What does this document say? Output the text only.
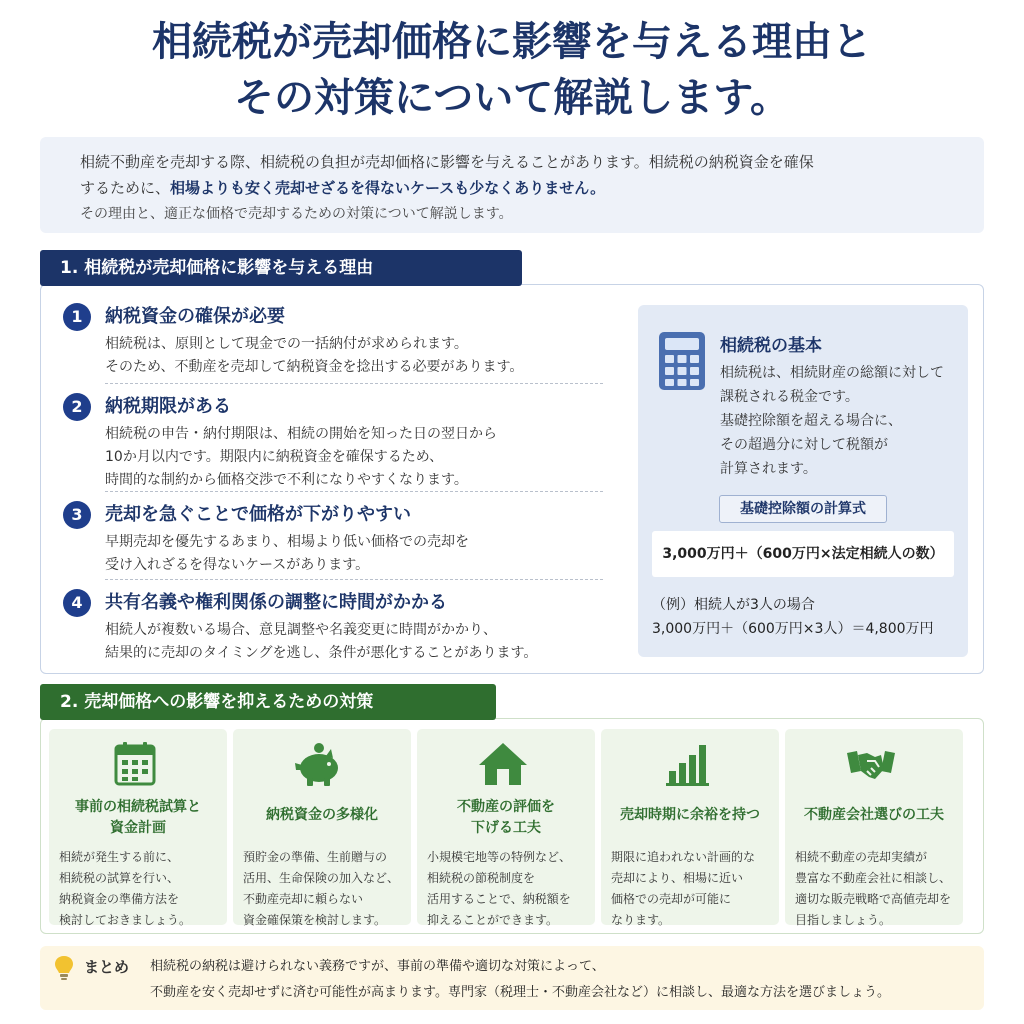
相続税が売却価格に影響を与える理由と
その対策について解説します。
相続不動産を売却する際、相続税の負担が売却価格に影響を与えることがあります。相続税の納税資金を確保
するために、相場よりも安く売却せざるを得ないケースも少なくありません。
その理由と、適正な価格で売却するための対策について解説します。
1	納税資金の確保が必要
相続税は、原則として現金での一括納付が求められます。
そのため、不動産を売却して納税資金を捻出する必要があります。
2	納税期限がある
相続税の申告・納付期限は、相続の開始を知った日の翌日から
10か月以内です。期限内に納税資金を確保するため、
時間的な制約から価格交渉で不利になりやすくなります。
3	売却を急ぐことで価格が下がりやすい
早期売却を優先するあまり、相場より低い価格での売却を
受け入れざるを得ないケースがあります。
4	共有名義や権利関係の調整に時間がかかる
相続人が複数いる場合、意見調整や名義変更に時間がかかり、
結果的に売却のタイミングを逃し、条件が悪化することがあります。
相続税の基本
相続税は、相続財産の総額に対して
課税される税金です。
基礎控除額を超える場合に、
その超過分に対して税額が
計算されます。
基礎控除額の計算式
3,000万円＋（600万円×法定相続人の数）
（例）相続人が3人の場合
3,000万円＋（600万円×3人）＝4,800万円
1. 相続税が売却価格に影響を与える理由
事前の相続税試算と
資金計画
相続が発生する前に、
相続税の試算を行い、
納税資金の準備方法を
検討しておきましょう。
納税資金の多様化
預貯金の準備、生前贈与の
活用、生命保険の加入など、
不動産売却に頼らない
資金確保策を検討します。
不動産の評価を
下げる工夫
小規模宅地等の特例など、
相続税の節税制度を
活用することで、納税額を
抑えることができます。
売却時期に余裕を持つ
期限に追われない計画的な
売却により、相場に近い
価格での売却が可能に
なります。
不動産会社選びの工夫
相続不動産の売却実績が
豊富な不動産会社に相談し、
適切な販売戦略で高値売却を
目指しましょう。
2. 売却価格への影響を抑えるための対策
まとめ 相続税の納税は避けられない義務ですが、事前の準備や適切な対策によって、
不動産を安く売却せずに済む可能性が高まります。専門家（税理士・不動産会社など）に相談し、最適な方法を選びましょう。
